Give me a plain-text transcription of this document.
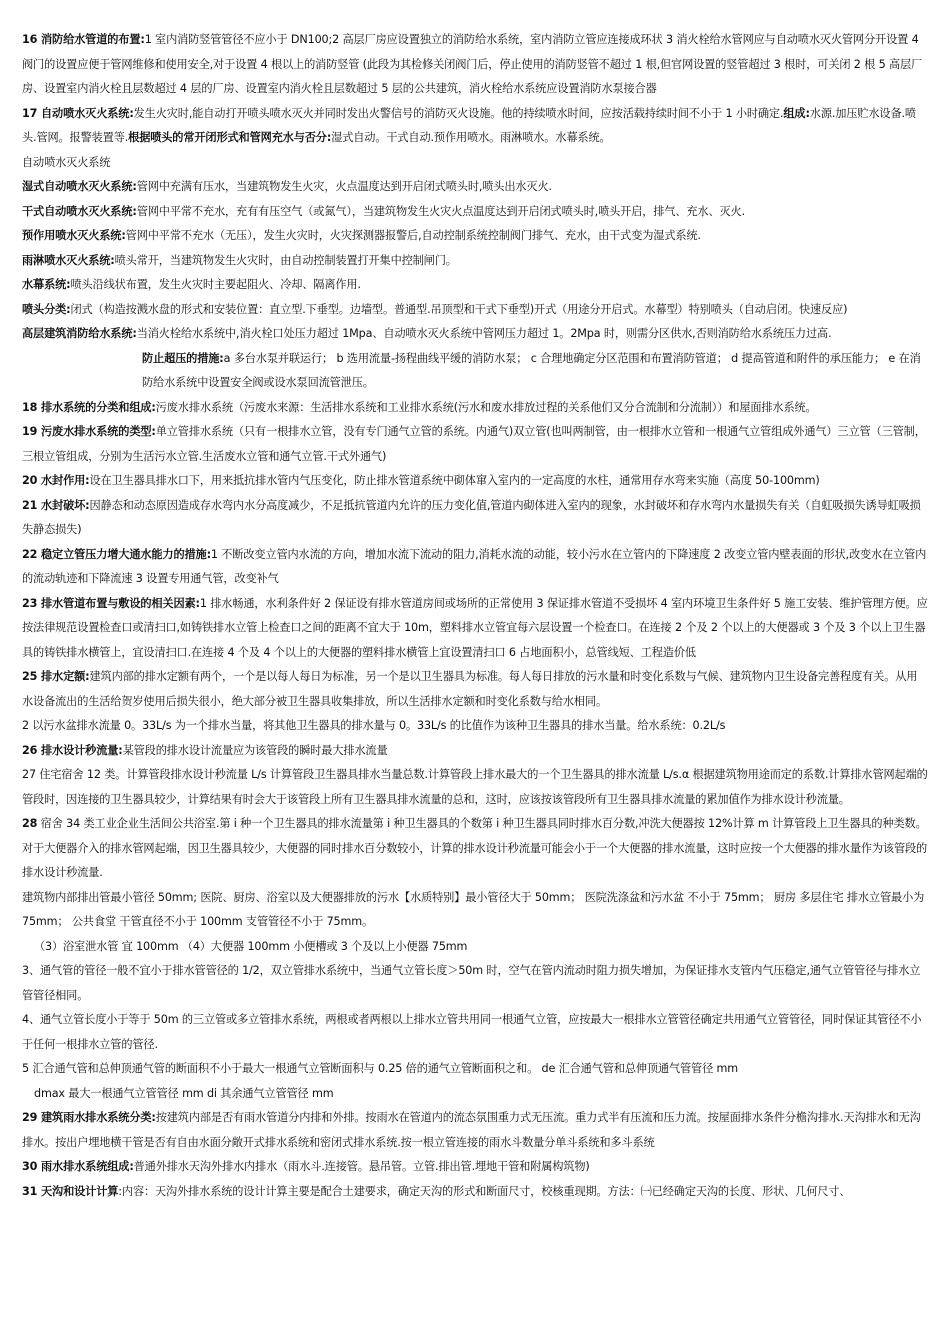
16 消防给水管道的布置:1 室内消防竖管管径不应小于 DN100;2 高层厂房应设置独立的消防给水系统，室内消防立管应连接成环状 3 消火栓给水管网应与自动喷水灭火管网分开设置 4 阀门的设置应便于管网维修和使用安全,对于设置 4 根以上的消防竖管 (此段为其检修关闭阀门后，停止使用的消防竖管不超过 1 根,但官网设置的竖管超过 3 根时，可关闭 2 根 5 高层厂房、设置室内消火栓且层数超过 4 层的厂房、设置室内消火栓且层数超过 5 层的公共建筑，消火栓给水系统应设置消防水泵接合器

17 自动喷水灭火系统:发生火灾时,能自动打开喷头喷水灭火并同时发出火警信号的消防灭火设施。他的持续喷水时间，应按活载持续时间不小于 1 小时确定.组成:水源.加压贮水设备.喷头.管网。报警装置等.根据喷头的常开闭形式和管网充水与否分:湿式自动。干式自动.预作用喷水。雨淋喷水。水幕系统。

自动喷水灭火系统

湿式自动喷水灭火系统:管网中充满有压水，当建筑物发生火灾，火点温度达到开启闭式喷头时,喷头出水灭火.

干式自动喷水灭火系统:管网中平常不充水，充有有压空气（或氮气），当建筑物发生火灾火点温度达到开启闭式喷头时,喷头开启，排气、充水、灭火.

预作用喷水灭火系统:管网中平常不充水（无压），发生火灾时，火灾探测器报警后,自动控制系统控制阀门排气、充水，由干式变为湿式系统.

雨淋喷水灭火系统:喷头常开，当建筑物发生火灾时，由自动控制装置打开集中控制闸门。

水幕系统:喷头沿线状布置，发生火灾时主要起阻火、冷却、隔离作用.

喷头分类:闭式（构造按溅水盘的形式和安装位置：直立型.下垂型。边墙型。普通型.吊顶型和干式下垂型)开式（用途分开启式。水幕型）特别喷头（自动启闭。快速反应)

高层建筑消防给水系统:当消火栓给水系统中,消火栓口处压力超过 1Mpa、自动喷水灭火系统中管网压力超过 1。2Mpa 时，则需分区供水,否则消防给水系统压力过高.

防止超压的措施:a 多台水泵并联运行； b 选用流量-扬程曲线平缓的消防水泵； c 合理地确定分区范围和布置消防管道； d 提高管道和附件的承压能力； e 在消防给水系统中设置安全阀或设水泵回流管泄压。

18 排水系统的分类和组成:污废水排水系统（污废水来源：生活排水系统和工业排水系统(污水和废水排放过程的关系他们又分合流制和分流制））和屋面排水系统。

19 污废水排水系统的类型:单立管排水系统（只有一根排水立管，没有专门通气立管的系统。内通气)双立管(也叫两制管，由一根排水立管和一根通气立管组成外通气）三立管（三管制，三根立管组成，分别为生活污水立管.生活废水立管和通气立管.干式外通气)

20 水封作用:设在卫生器具排水口下，用来抵抗排水管内气压变化，防止排水管道系统中砌体窜入室内的一定高度的水柱，通常用存水弯来实施（高度 50-100mm)

21 水封破坏:因静态和动态原因造成存水弯内水分高度减少，不足抵抗管道内允许的压力变化值,管道内砌体进入室内的现象，水封破坏和存水弯内水量损失有关（自虹吸损失诱导虹吸损失静态损失)

22 稳定立管压力增大通水能力的措施:1 不断改变立管内水流的方向，增加水流下流动的阻力,消耗水流的动能，较小污水在立管内的下降速度 2 改变立管内壁表面的形状,改变水在立管内的流动轨迹和下降流速 3 设置专用通气管，改变补气

23 排水管道布置与敷设的相关因素:1 排水畅通，水利条件好 2 保证设有排水管道房间或场所的正常使用 3 保证排水管道不受损坏 4 室内环境卫生条件好 5 施工安装、维护管理方便。应按法律规范设置检查口或清扫口,如铸铁排水立管上检查口之间的距离不宜大于 10m，塑料排水立管宜每六层设置一个检查口。在连接 2 个及 2 个以上的大便器或 3 个及 3 个以上卫生器具的铸铁排水横管上，宜设清扫口.在连接 4 个及 4 个以上的大便器的塑料排水横管上宜设置清扫口 6 占地面积小，总管线短、工程造价低

25 排水定额:建筑内部的排水定额有两个，一个是以每人每日为标准，另一个是以卫生器具为标准。每人每日排放的污水量和时变化系数与气候、建筑物内卫生设备完善程度有关。从用水设备流出的生活给贺岁使用后损失很小，绝大部分被卫生器具收集排放，所以生活排水定额和时变化系数与给水相同。

2 以污水盆排水流量 0。33L/s 为一个排水当量，将其他卫生器具的排水量与 0。33L/s 的比值作为该种卫生器具的排水当量。给水系统：0.2L/s

26 排水设计秒流量:某管段的排水设计流量应为该管段的瞬时最大排水流量

27 住宅宿舍 12 类。计算管段排水设计秒流量 L/s 计算管段卫生器具排水当量总数.计算管段上排水最大的一个卫生器具的排水流量 L/s.α 根据建筑物用途而定的系数.计算排水管网起端的管段时，因连接的卫生器具较少，计算结果有时会大于该管段上所有卫生器具排水流量的总和，这时，应该按该管段所有卫生器具排水流量的累加值作为排水设计秒流量。

28 宿舍 34 类工业企业生活间公共浴室.第 i 种一个卫生器具的排水流量第 i 种卫生器具的个数第 i 种卫生器具同时排水百分数,冲洗大便器按 12%计算 m 计算管段上卫生器具的种类数。对于大便器介入的排水管网起端，因卫生器具较少，大便器的同时排水百分数较小，计算的排水设计秒流量可能会小于一个大便器的排水流量，这时应按一个大便器的排水量作为该管段的排水设计秒流量.

建筑物内部排出管最小管径 50mm; 医院、厨房、浴室以及大便器排放的污水【水质特别】最小管径大于 50mm； 医院洗涤盆和污水盆 不小于 75mm； 厨房 多层住宅 排水立管最小为 75mm； 公共食堂 干管直径不小于 100mm 支管管径不小于 75mm。

（3）浴室泄水管 宜 100mm （4）大便器 100mm 小便槽或 3 个及以上小便器 75mm

3、通气管的管径一般不宜小于排水管管径的 1/2，双立管排水系统中，当通气立管长度＞50m 时，空气在管内流动时阻力损失增加，为保证排水支管内气压稳定,通气立管管径与排水立管管径相同。

4、通气立管长度小于等于 50m 的三立管或多立管排水系统，两根或者两根以上排水立管共用同一根通气立管，应按最大一根排水立管管径确定共用通气立管管径，同时保证其管径不小于任何一根排水立管的管径.

5 汇合通气管和总伸顶通气管的断面积不小于最大一根通气立管断面积与 0.25 倍的通气立管断面积之和。 de 汇合通气管和总伸顶通气管管径 mm

dmax 最大一根通气立管管径 mm di 其余通气立管管径 mm

29 建筑雨水排水系统分类:按建筑内部是否有雨水管道分内排和外排。按雨水在管道内的流态氛围重力式无压流。重力式半有压流和压力流。按屋面排水条件分檐沟排水.天沟排水和无沟排水。按出户埋地横干管是否有自由水面分敞开式排水系统和密闭式排水系统.按一根立管连接的雨水斗数量分单斗系统和多斗系统

30 雨水排水系统组成:普通外排水天沟外排水内排水（雨水斗.连接管。悬吊管。立管.排出管.埋地干管和附属构筑物)

31 天沟和设计计算:内容：天沟外排水系统的设计计算主要是配合土建要求，确定天沟的形式和断面尺寸，校核重现期。方法：㈠已经确定天沟的长度、形状、几何尺寸、
